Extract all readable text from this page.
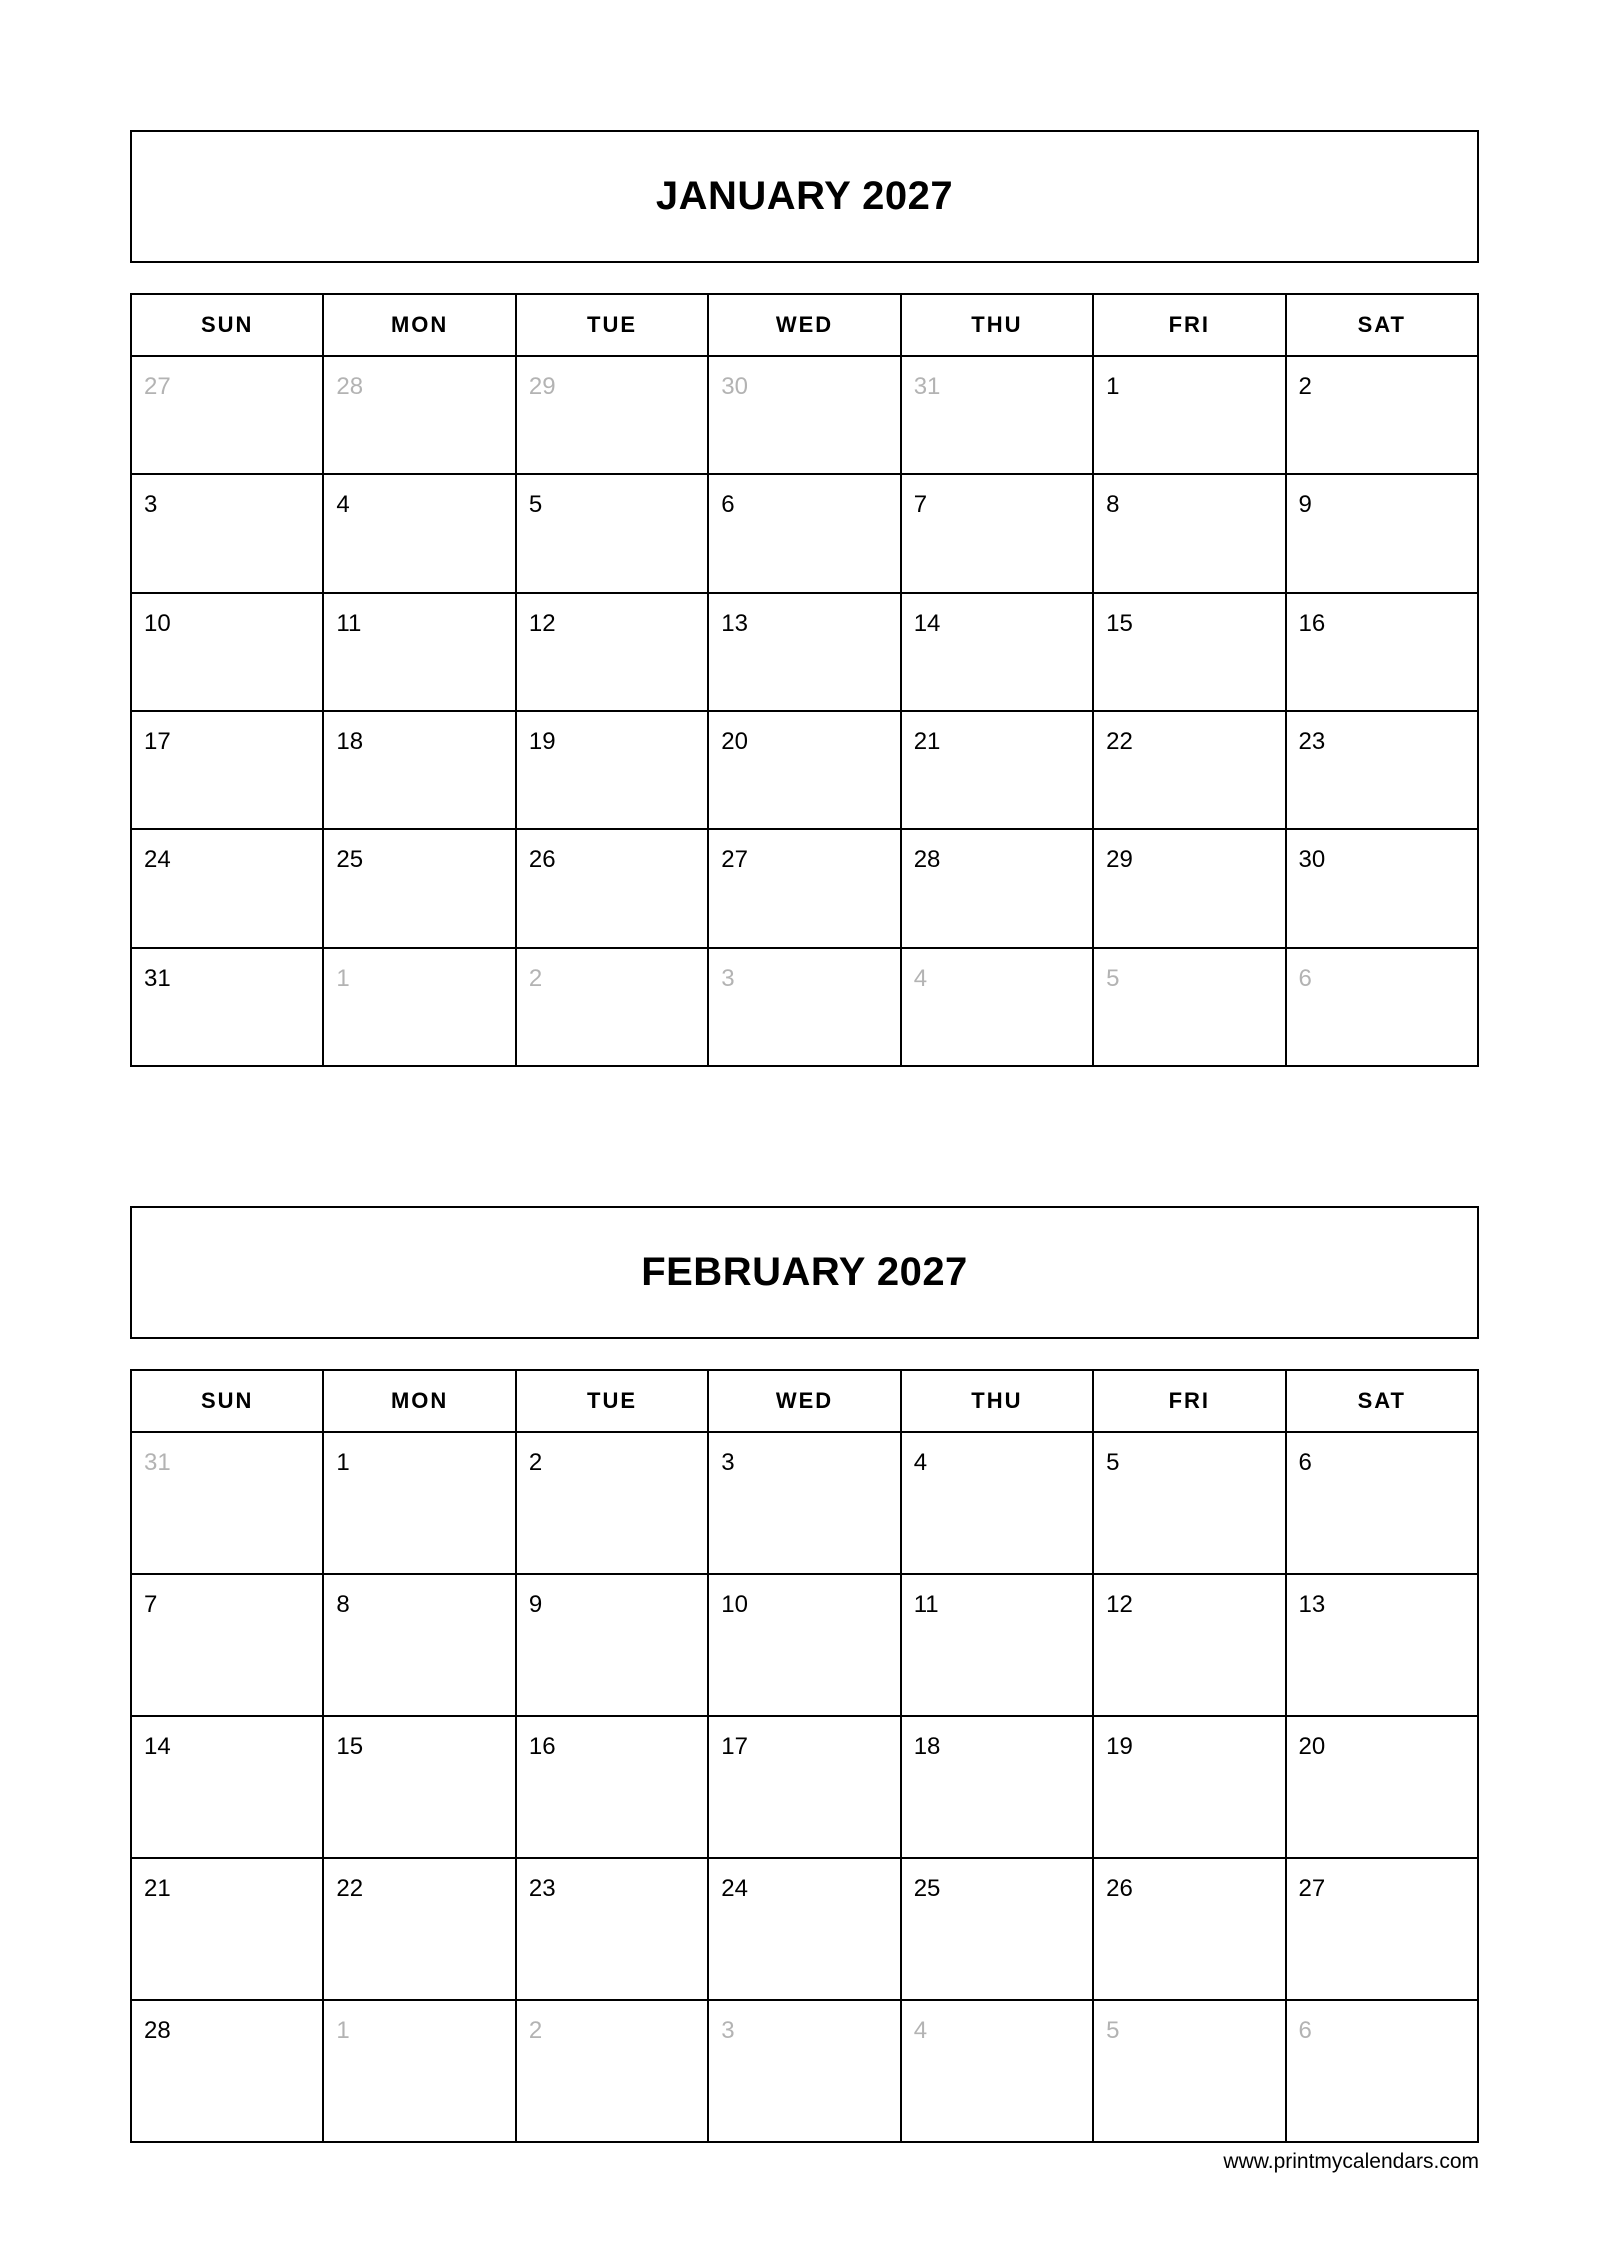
JANUARY 2027
SUN	MON	TUE	WED	THU	FRI	SAT

27	28	29	30	31	1	2

3	4	5	6	7	8	9

10	11	12	13	14	15	16

17	18	19	20	21	22	23

24	25	26	27	28	29	30

31	1	2	3	4	5	6
FEBRUARY 2027
SUN	MON	TUE	WED	THU	FRI	SAT

31	1	2	3	4	5	6

7	8	9	10	11	12	13

14	15	16	17	18	19	20

21	22	23	24	25	26	27

28	1	2	3	4	5	6
www.printmycalendars.com
